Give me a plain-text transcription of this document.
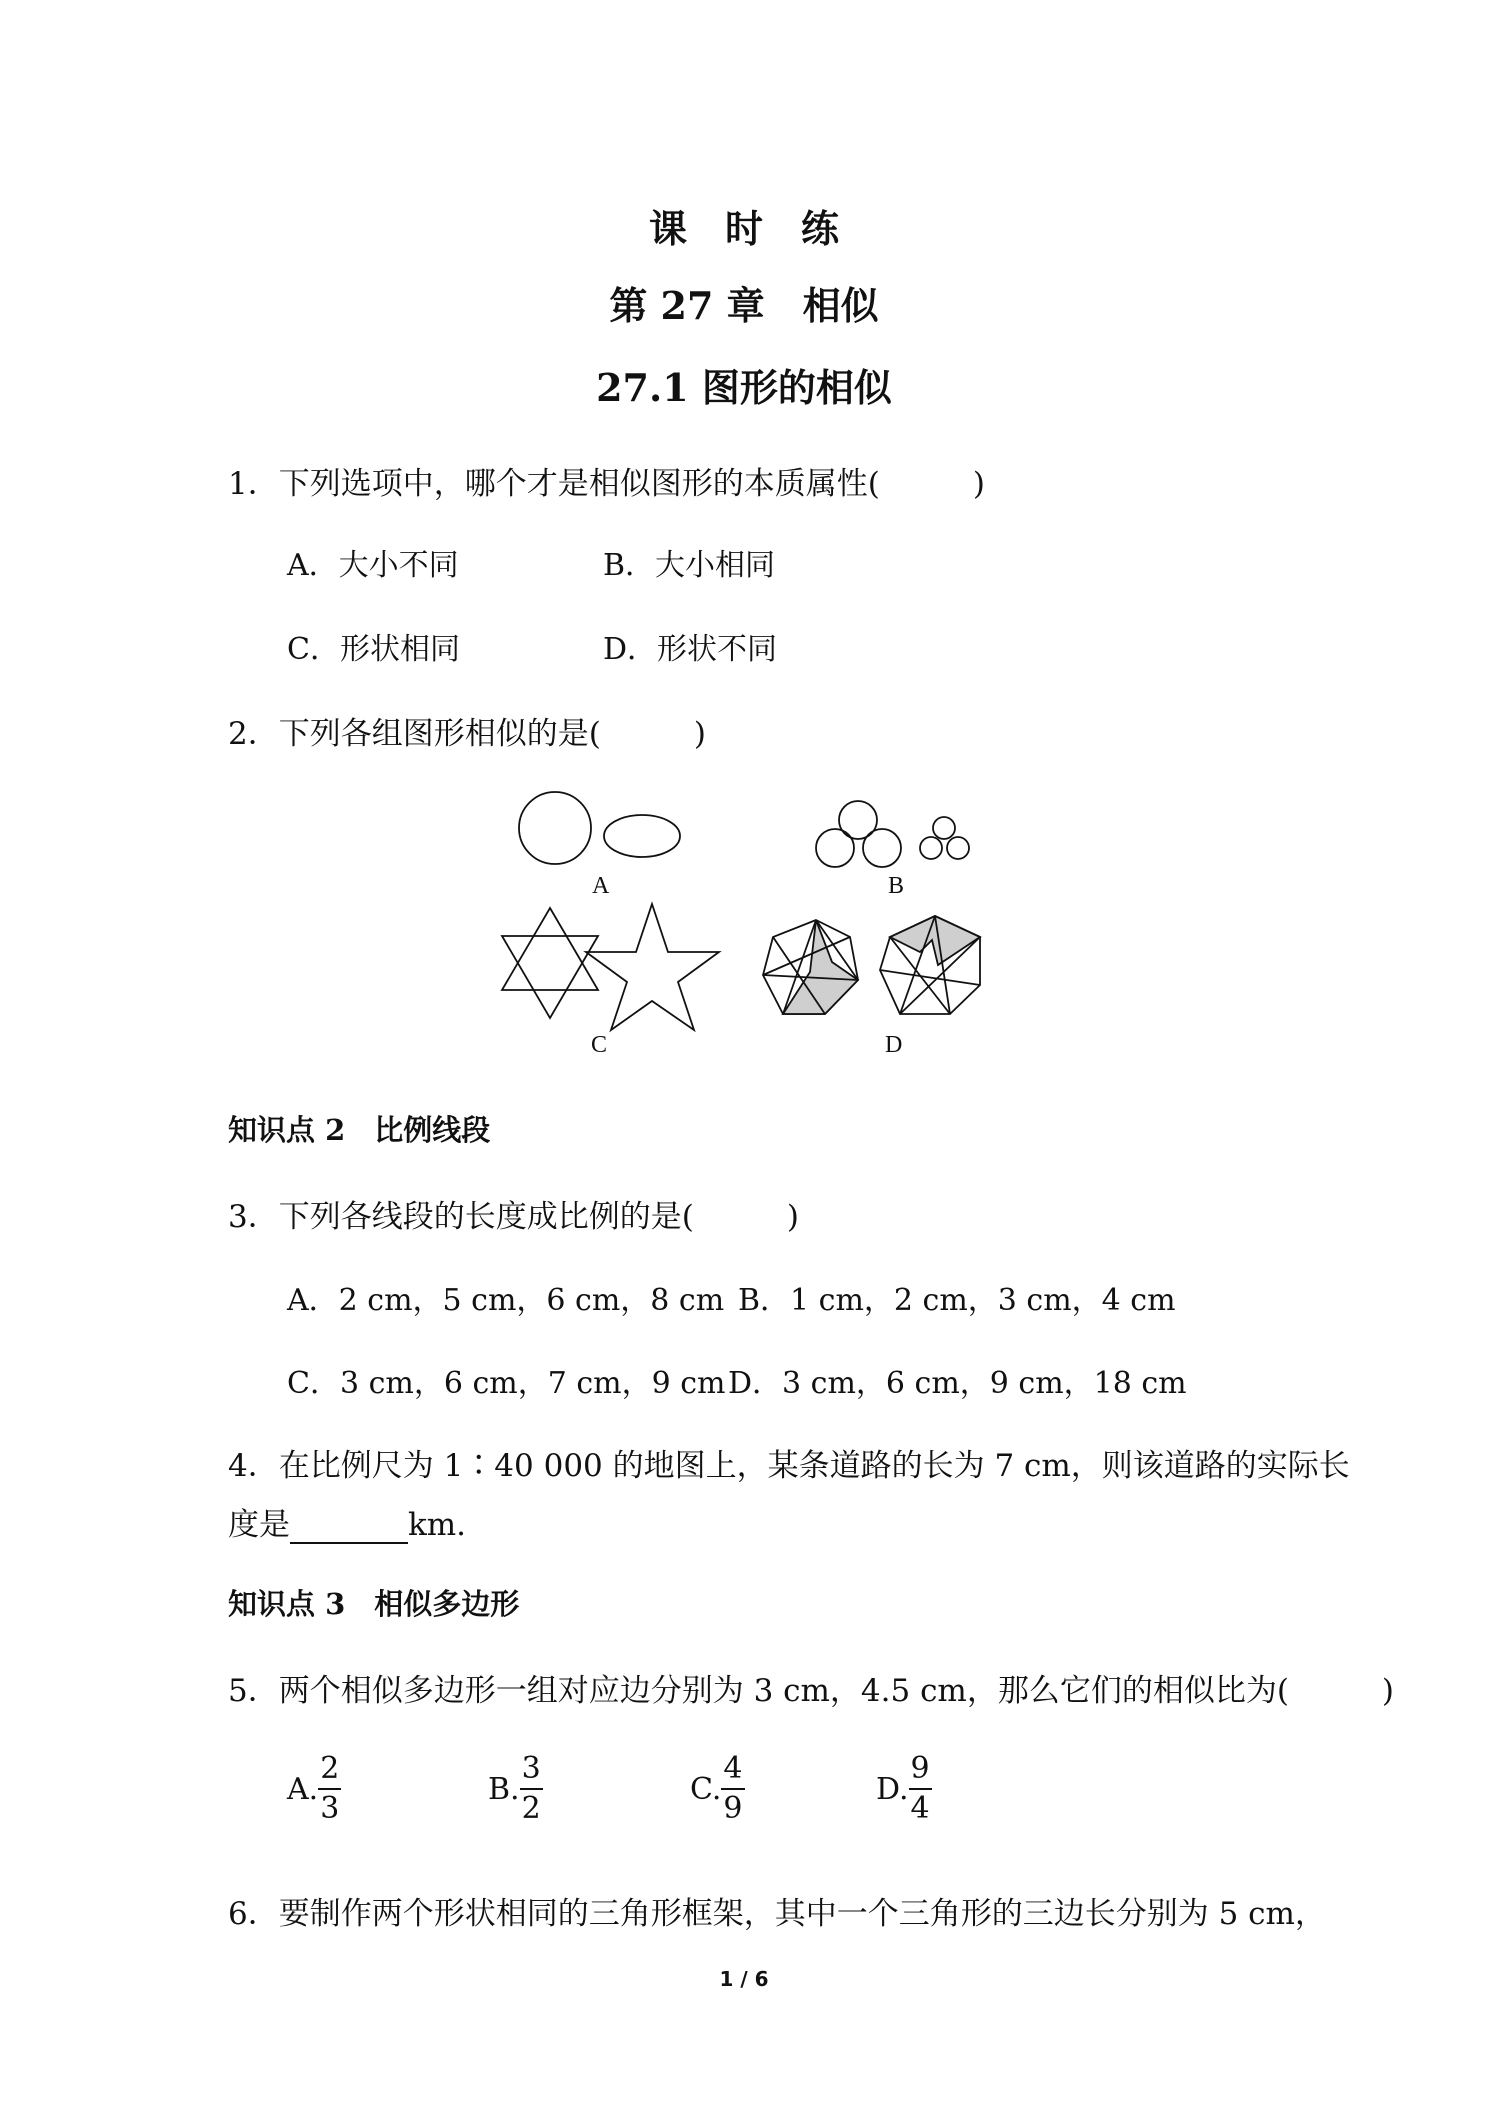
课　时　练
第 27 章　相似
27.1 图形的相似
1．下列选项中，哪个才是相似图形的本质属性(　　　)
A．大小不同	B．大小相同
C．形状相同	D．形状不同
2．下列各组图形相似的是(　　　)
A	B
C	D
知识点 2　比例线段
3．下列各线段的长度成比例的是(　　　)
A．2 cm，5 cm，6 cm，8 cm B．1 cm，2 cm，3 cm，4 cm
C．3 cm，6 cm，7 cm，9 cm D．3 cm，6 cm，9 cm，18 cm
4．在比例尺为 1∶40 000 的地图上，某条道路的长为 7 cm，则该道路的实际长
度是	km.
知识点 3　相似多边形
5．两个相似多边形一组对应边分别为 3 cm，4.5 cm，那么它们的相似比为(　　　)
A. $\frac{2}{3}$	B. $\frac{3}{2}$	C. $\frac{4}{9}$	D. $\frac{9}{4}$
6．要制作两个形状相同的三角形框架，其中一个三角形的三边长分别为 5 cm，
1 / 6
